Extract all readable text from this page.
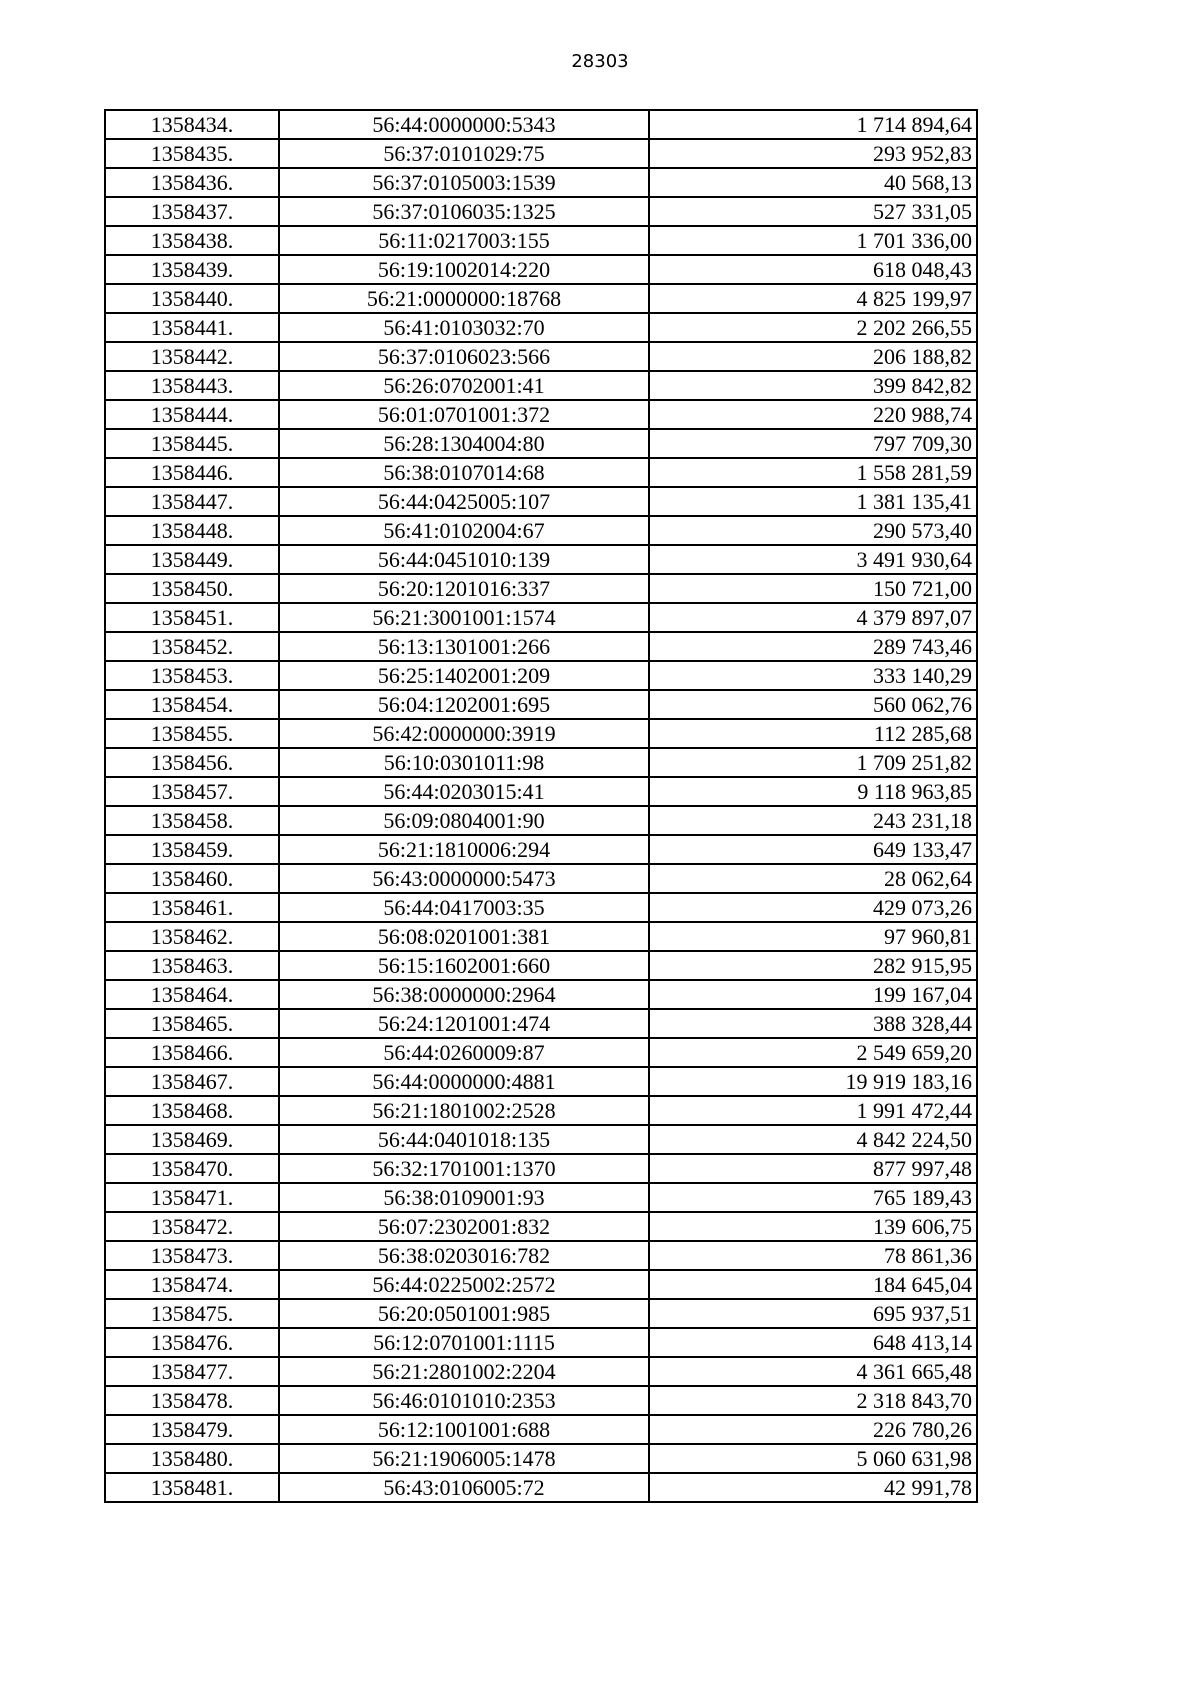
28303
1358434.	56:44:0000000:5343	1 714 894,64
1358435.	56:37:0101029:75	293 952,83
1358436.	56:37:0105003:1539	40 568,13
1358437.	56:37:0106035:1325	527 331,05
1358438.	56:11:0217003:155	1 701 336,00
1358439.	56:19:1002014:220	618 048,43
1358440.	56:21:0000000:18768	4 825 199,97
1358441.	56:41:0103032:70	2 202 266,55
1358442.	56:37:0106023:566	206 188,82
1358443.	56:26:0702001:41	399 842,82
1358444.	56:01:0701001:372	220 988,74
1358445.	56:28:1304004:80	797 709,30
1358446.	56:38:0107014:68	1 558 281,59
1358447.	56:44:0425005:107	1 381 135,41
1358448.	56:41:0102004:67	290 573,40
1358449.	56:44:0451010:139	3 491 930,64
1358450.	56:20:1201016:337	150 721,00
1358451.	56:21:3001001:1574	4 379 897,07
1358452.	56:13:1301001:266	289 743,46
1358453.	56:25:1402001:209	333 140,29
1358454.	56:04:1202001:695	560 062,76
1358455.	56:42:0000000:3919	112 285,68
1358456.	56:10:0301011:98	1 709 251,82
1358457.	56:44:0203015:41	9 118 963,85
1358458.	56:09:0804001:90	243 231,18
1358459.	56:21:1810006:294	649 133,47
1358460.	56:43:0000000:5473	28 062,64
1358461.	56:44:0417003:35	429 073,26
1358462.	56:08:0201001:381	97 960,81
1358463.	56:15:1602001:660	282 915,95
1358464.	56:38:0000000:2964	199 167,04
1358465.	56:24:1201001:474	388 328,44
1358466.	56:44:0260009:87	2 549 659,20
1358467.	56:44:0000000:4881	19 919 183,16
1358468.	56:21:1801002:2528	1 991 472,44
1358469.	56:44:0401018:135	4 842 224,50
1358470.	56:32:1701001:1370	877 997,48
1358471.	56:38:0109001:93	765 189,43
1358472.	56:07:2302001:832	139 606,75
1358473.	56:38:0203016:782	78 861,36
1358474.	56:44:0225002:2572	184 645,04
1358475.	56:20:0501001:985	695 937,51
1358476.	56:12:0701001:1115	648 413,14
1358477.	56:21:2801002:2204	4 361 665,48
1358478.	56:46:0101010:2353	2 318 843,70
1358479.	56:12:1001001:688	226 780,26
1358480.	56:21:1906005:1478	5 060 631,98
1358481.	56:43:0106005:72	42 991,78
